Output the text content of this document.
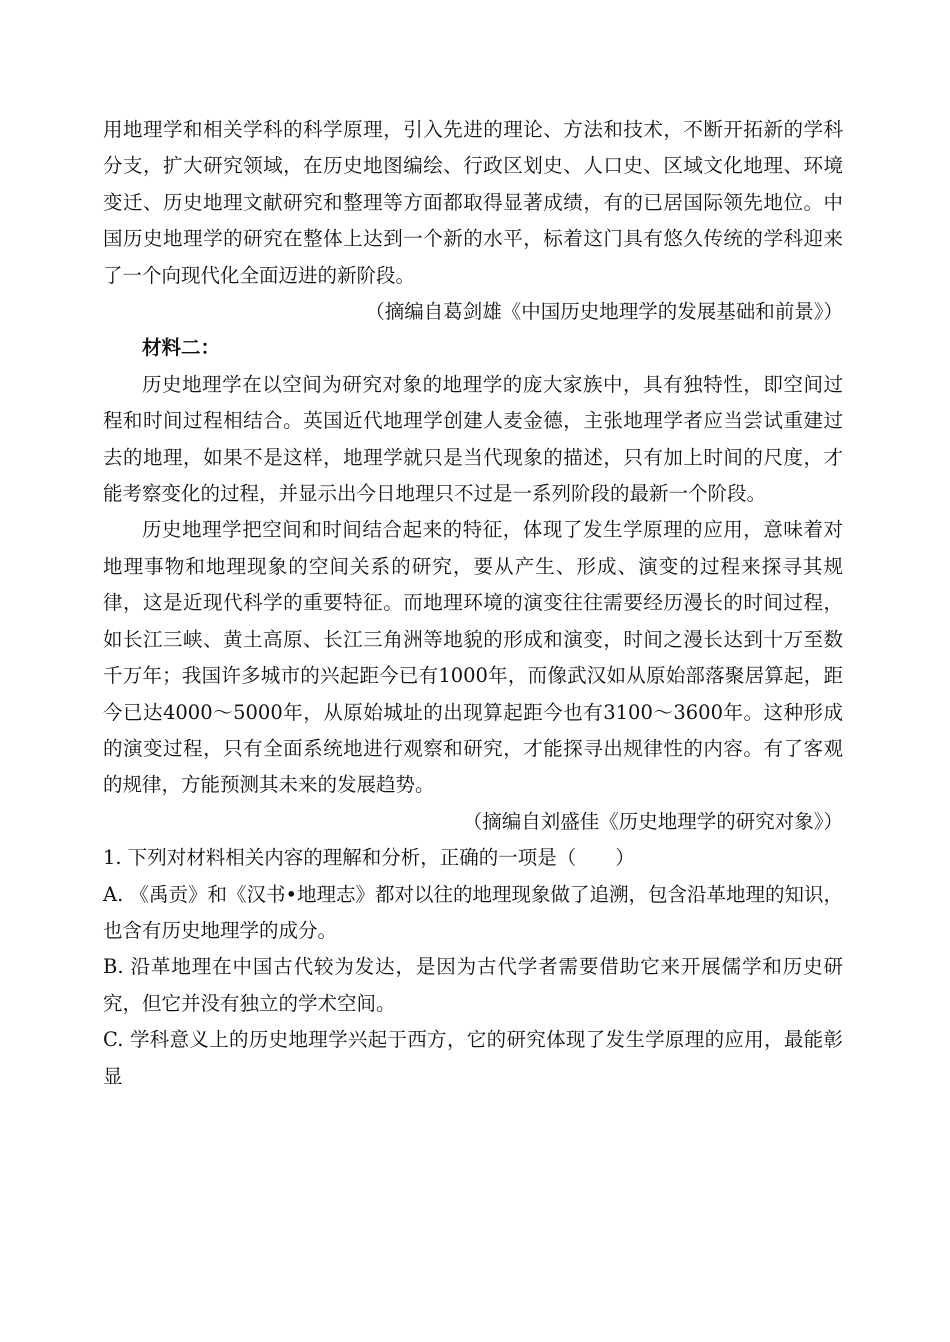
用地理学和相关学科的科学原理，引入先进的理论、方法和技术，不断开拓新的学科分支，扩大研究领域，在历史地图编绘、行政区划史、人口史、区域文化地理、环境变迁、历史地理文献研究和整理等方面都取得显著成绩，有的已居国际领先地位。中国历史地理学的研究在整体上达到一个新的水平，标着这门具有悠久传统的学科迎来了一个向现代化全面迈进的新阶段。

（摘编自葛剑雄《中国历史地理学的发展基础和前景》）

材料二：

历史地理学在以空间为研究对象的地理学的庞大家族中，具有独特性，即空间过程和时间过程相结合。英国近代地理学创建人麦金德，主张地理学者应当尝试重建过去的地理，如果不是这样，地理学就只是当代现象的描述，只有加上时间的尺度，才能考察变化的过程，并显示出今日地理只不过是一系列阶段的最新一个阶段。

历史地理学把空间和时间结合起来的特征，体现了发生学原理的应用，意味着对地理事物和地理现象的空间关系的研究，要从产生、形成、演变的过程来探寻其规律，这是近现代科学的重要特征。而地理环境的演变往往需要经历漫长的时间过程，如长江三峡、黄土高原、长江三角洲等地貌的形成和演变，时间之漫长达到十万至数千万年；我国许多城市的兴起距今已有1000年，而像武汉如从原始部落聚居算起，距今已达4000～5000年，从原始城址的出现算起距今也有3100～3600年。这种形成的演变过程，只有全面系统地进行观察和研究，才能探寻出规律性的内容。有了客观的规律，方能预测其未来的发展趋势。

（摘编自刘盛佳《历史地理学的研究对象》）

1. 下列对材料相关内容的理解和分析，正确的一项是（　　）

A. 《禹贡》和《汉书•地理志》都对以往的地理现象做了追溯，包含沿革地理的知识，也含有历史地理学的成分。

B. 沿革地理在中国古代较为发达，是因为古代学者需要借助它来开展儒学和历史研究，但它并没有独立的学术空间。

C. 学科意义上的历史地理学兴起于西方，它的研究体现了发生学原理的应用，最能彰显
